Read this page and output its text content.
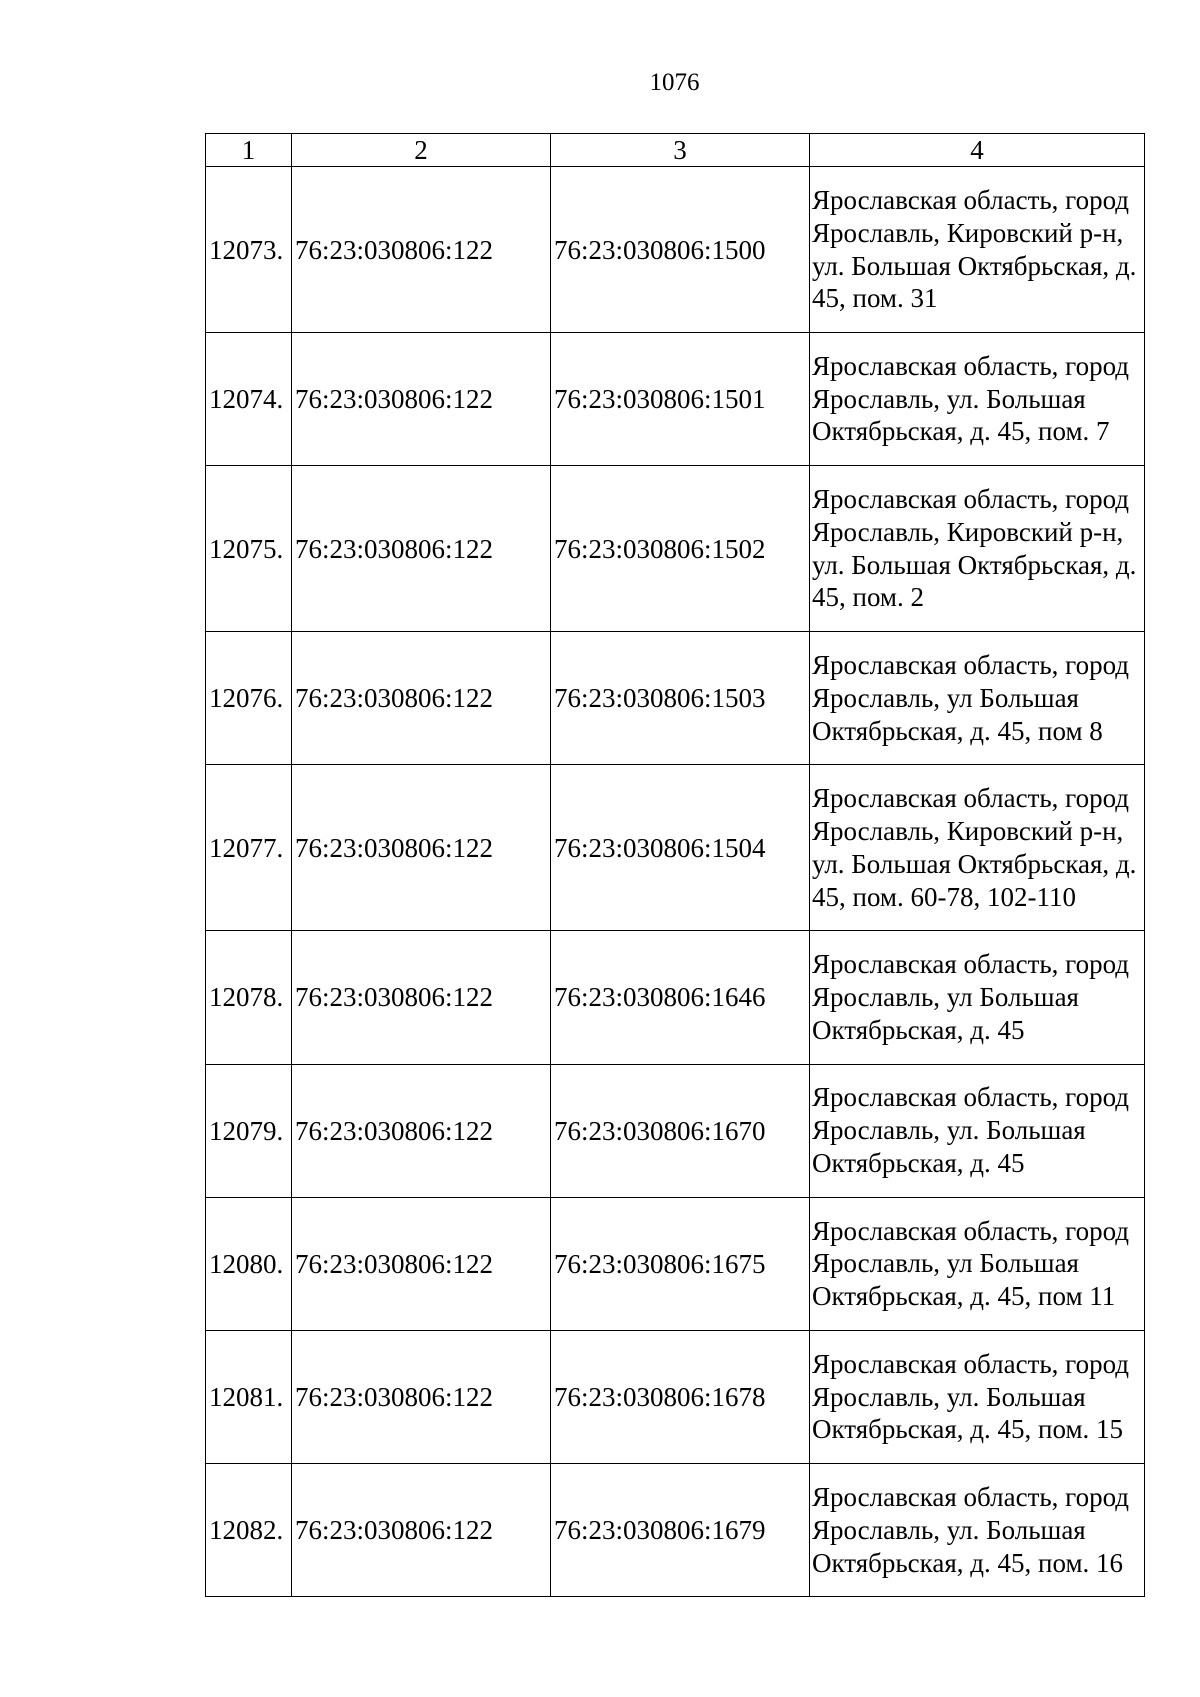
1076
1	2	3	4
12073.	76:23:030806:122	76:23:030806:1500	Ярославская область, город Ярославль, Кировский р-н, ул. Большая Октябрьская, д. 45, пом. 31
12074.	76:23:030806:122	76:23:030806:1501	Ярославская область, город Ярославль, ул. Большая Октябрьская, д. 45, пом. 7
12075.	76:23:030806:122	76:23:030806:1502	Ярославская область, город Ярославль, Кировский р-н, ул. Большая Октябрьская, д. 45, пом. 2
12076.	76:23:030806:122	76:23:030806:1503	Ярославская область, город Ярославль, ул Большая Октябрьская, д. 45, пом 8
12077.	76:23:030806:122	76:23:030806:1504	Ярославская область, город Ярославль, Кировский р-н, ул. Большая Октябрьская, д. 45, пом. 60-78, 102-110
12078.	76:23:030806:122	76:23:030806:1646	Ярославская область, город Ярославль, ул Большая Октябрьская, д. 45
12079.	76:23:030806:122	76:23:030806:1670	Ярославская область, город Ярославль, ул. Большая Октябрьская, д. 45
12080.	76:23:030806:122	76:23:030806:1675	Ярославская область, город Ярославль, ул Большая Октябрьская, д. 45, пом 11
12081.	76:23:030806:122	76:23:030806:1678	Ярославская область, город Ярославль, ул. Большая Октябрьская, д. 45, пом. 15
12082.	76:23:030806:122	76:23:030806:1679	Ярославская область, город Ярославль, ул. Большая Октябрьская, д. 45, пом. 16
